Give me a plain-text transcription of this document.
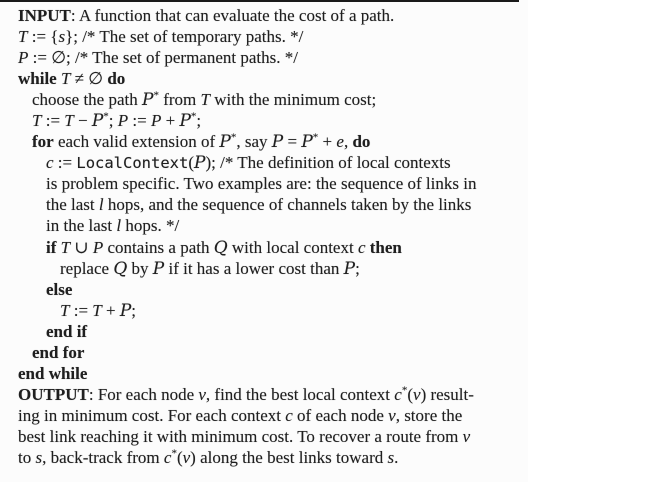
INPUT: A function that can evaluate the cost of a path.
T := {s}; /* The set of temporary paths. */
P := ∅; /* The set of permanent paths. */
while T ≠ ∅ do
choose the path P* from T with the minimum cost;
T := T − P*; P := P + P*;
for each valid extension of P*, say P = P* + e, do
c := LocalContext(P); /* The definition of local contexts
is problem specific. Two examples are: the sequence of links in
the last l hops, and the sequence of channels taken by the links
in the last l hops. */
if T ∪ P contains a path Q with local context c then
replace Q by P if it has a lower cost than P;
else
T := T + P;
end if
end for
end while
OUTPUT: For each node v, find the best local context c*(v) result-
ing in minimum cost. For each context c of each node v, store the
best link reaching it with minimum cost. To recover a route from v
to s, back-track from c*(v) along the best links toward s.
